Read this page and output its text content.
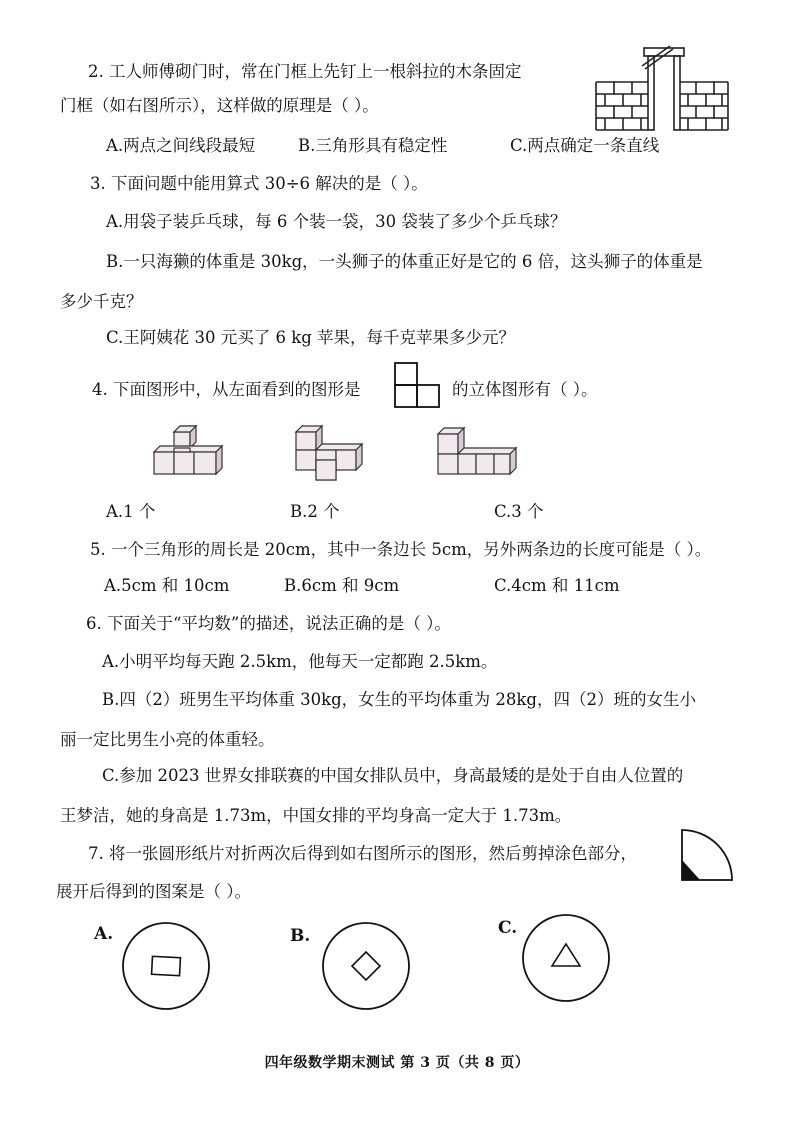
2. 工人师傅砌门时，常在门框上先钉上一根斜拉的木条固定
门框（如右图所示），这样做的原理是（ ）。
A.两点之间线段最短	B.三角形具有稳定性	C.两点确定一条直线
3. 下面问题中能用算式 30÷6 解决的是（ ）。
A.用袋子装乒乓球，每 6 个装一袋，30 袋装了多少个乒乓球？
B.一只海獭的体重是 30kg，一头狮子的体重正好是它的 6 倍，这头狮子的体重是
多少千克？
C.王阿姨花 30 元买了 6 kg 苹果，每千克苹果多少元？
4. 下面图形中，从左面看到的图形是	的立体图形有（ ）。
A.1 个	B.2 个	C.3 个
5. 一个三角形的周长是 20cm，其中一条边长 5cm，另外两条边的长度可能是（ ）。
A.5cm 和 10cm	B.6cm 和 9cm	C.4cm 和 11cm
6. 下面关于“平均数”的描述，说法正确的是（ ）。
A.小明平均每天跑 2.5km，他每天一定都跑 2.5km。
B.四（2）班男生平均体重 30kg，女生的平均体重为 28kg，四（2）班的女生小
丽一定比男生小亮的体重轻。
C.参加 2023 世界女排联赛的中国女排队员中，身高最矮的是处于自由人位置的
王梦洁，她的身高是 1.73m，中国女排的平均身高一定大于 1.73m。
7. 将一张圆形纸片对折两次后得到如右图所示的图形，然后剪掉涂色部分，
展开后得到的图案是（ ）。
A.	B.	C.
四年级数学期末测试 第 3 页（共 8 页）
